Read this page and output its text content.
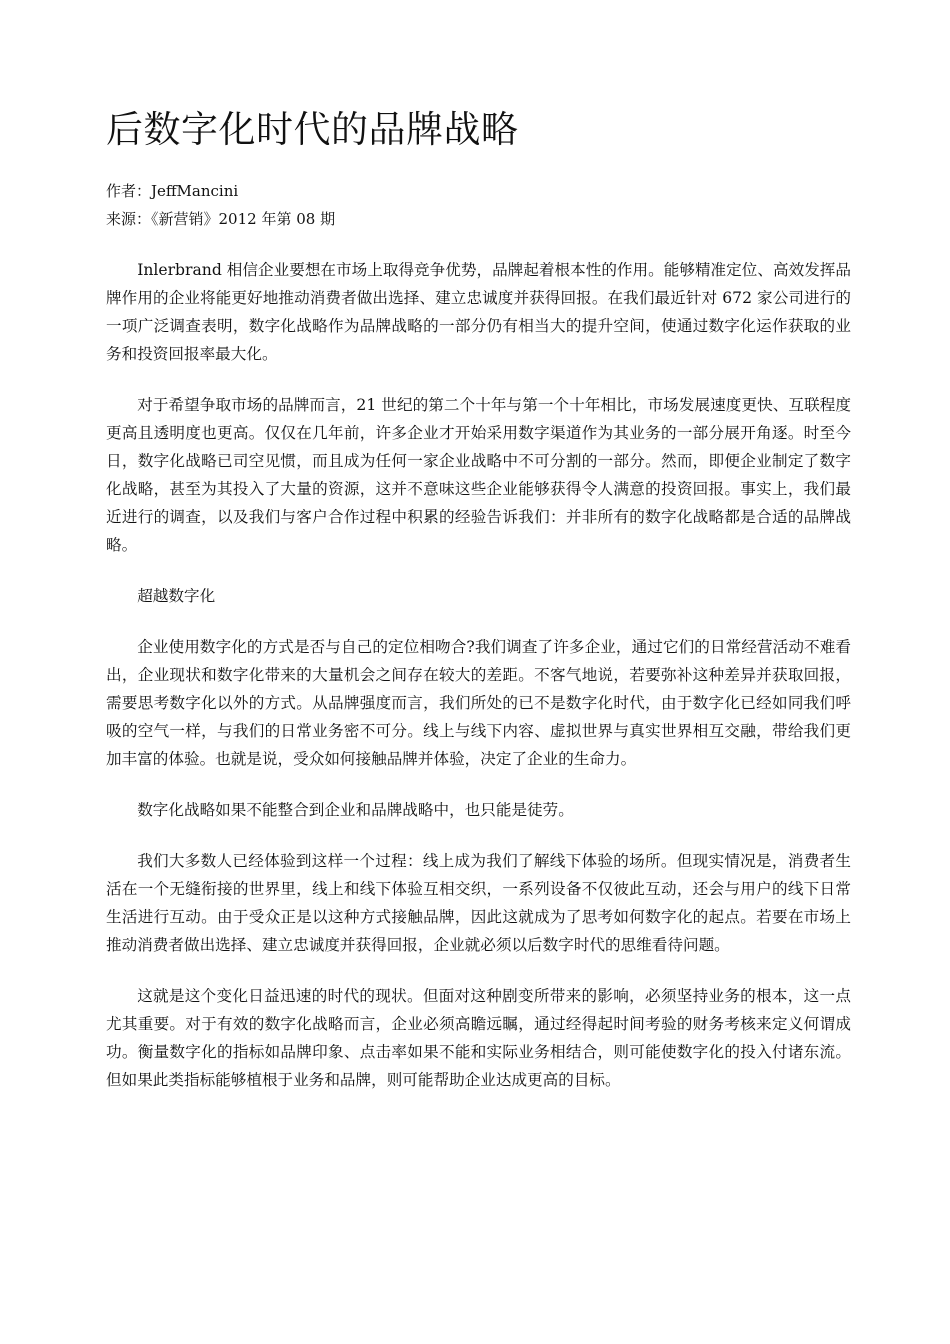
后数字化时代的品牌战略
作者：JeffMancini
来源：《新营销》2012 年第 08 期

Inlerbrand 相信企业要想在市场上取得竞争优势，品牌起着根本性的作用。能够精准定位、高效发挥品牌作用的企业将能更好地推动消费者做出选择、建立忠诚度并获得回报。在我们最近针对 672 家公司进行的一项广泛调查表明，数字化战略作为品牌战略的一部分仍有相当大的提升空间，使通过数字化运作获取的业务和投资回报率最大化。

对于希望争取市场的品牌而言，21 世纪的第二个十年与第一个十年相比，市场发展速度更快、互联程度更高且透明度也更高。仅仅在几年前，许多企业才开始采用数字渠道作为其业务的一部分展开角逐。时至今日，数字化战略已司空见惯，而且成为任何一家企业战略中不可分割的一部分。然而，即便企业制定了数字化战略，甚至为其投入了大量的资源，这并不意味这些企业能够获得令人满意的投资回报。事实上，我们最近进行的调查，以及我们与客户合作过程中积累的经验告诉我们：并非所有的数字化战略都是合适的品牌战略。

超越数字化

企业使用数字化的方式是否与自己的定位相吻合?我们调查了许多企业，通过它们的日常经营活动不难看出，企业现状和数字化带来的大量机会之间存在较大的差距。不客气地说，若要弥补这种差异并获取回报，需要思考数字化以外的方式。从品牌强度而言，我们所处的已不是数字化时代，由于数字化已经如同我们呼吸的空气一样，与我们的日常业务密不可分。线上与线下内容、虚拟世界与真实世界相互交融，带给我们更加丰富的体验。也就是说，受众如何接触品牌并体验，决定了企业的生命力。

数字化战略如果不能整合到企业和品牌战略中，也只能是徒劳。

我们大多数人已经体验到这样一个过程：线上成为我们了解线下体验的场所。但现实情况是，消费者生活在一个无缝衔接的世界里，线上和线下体验互相交织，一系列设备不仅彼此互动，还会与用户的线下日常生活进行互动。由于受众正是以这种方式接触品牌，因此这就成为了思考如何数字化的起点。若要在市场上推动消费者做出选择、建立忠诚度并获得回报，企业就必须以后数字时代的思维看待问题。

这就是这个变化日益迅速的时代的现状。但面对这种剧变所带来的影响，必须坚持业务的根本，这一点尤其重要。对于有效的数字化战略而言，企业必须高瞻远瞩，通过经得起时间考验的财务考核来定义何谓成功。衡量数字化的指标如品牌印象、点击率如果不能和实际业务相结合，则可能使数字化的投入付诸东流。但如果此类指标能够植根于业务和品牌，则可能帮助企业达成更高的目标。
